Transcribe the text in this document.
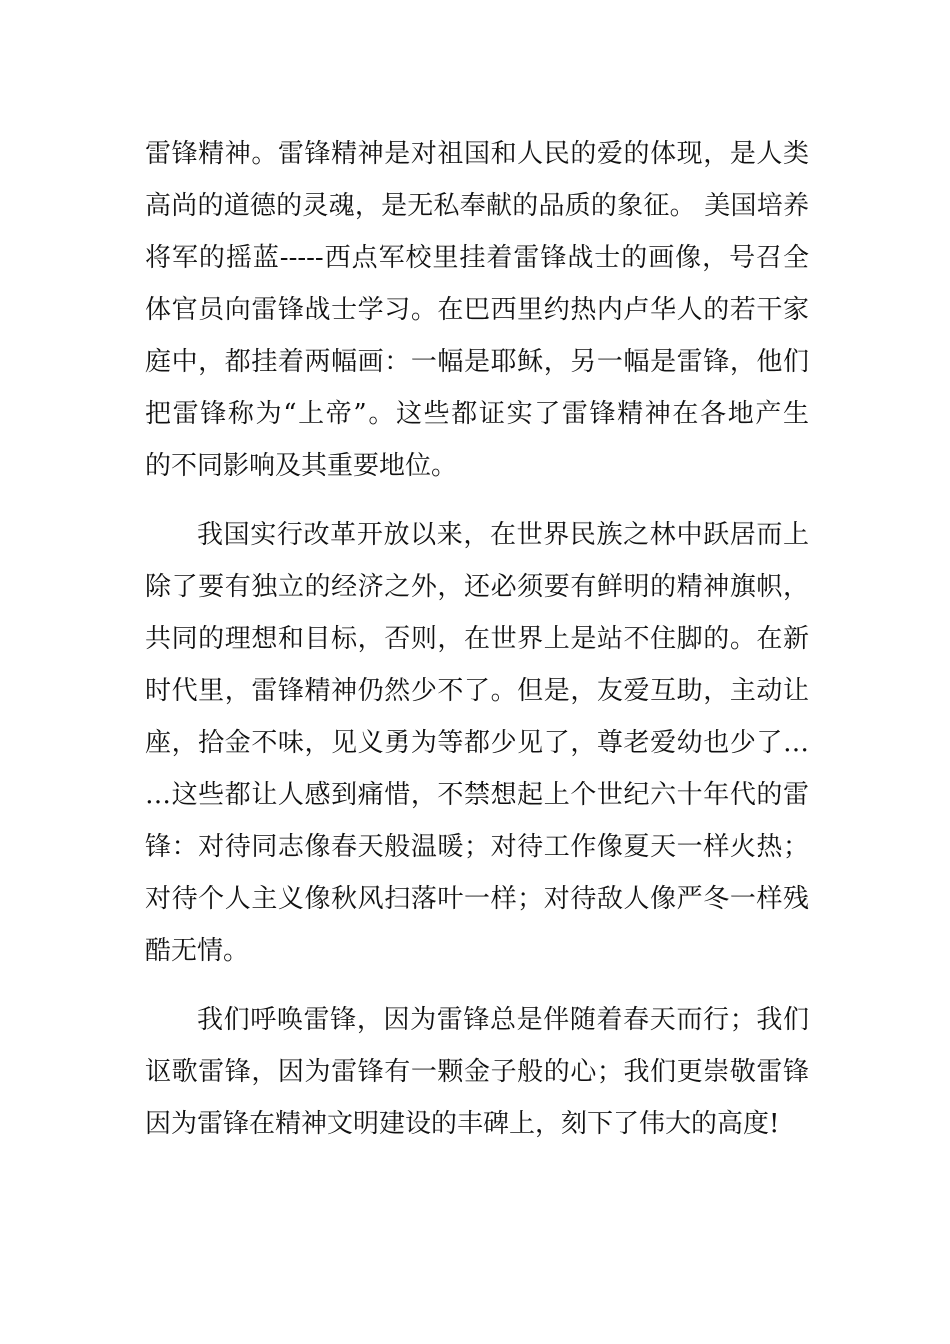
雷锋精神。雷锋精神是对祖国和人民的爱的体现，是人类
高尚的道德的灵魂，是无私奉献的品质的象征。 美国培养
将军的摇蓝-----西点军校里挂着雷锋战士的画像，号召全
体官员向雷锋战士学习。在巴西里约热内卢华人的若干家
庭中，都挂着两幅画：一幅是耶稣，另一幅是雷锋，他们
把雷锋称为“上帝”。这些都证实了雷锋精神在各地产生
的不同影响及其重要地位。
我国实行改革开放以来，在世界民族之林中跃居而上
除了要有独立的经济之外，还必须要有鲜明的精神旗帜，
共同的理想和目标，否则，在世界上是站不住脚的。在新
时代里，雷锋精神仍然少不了。但是，友爱互助，主动让
座，拾金不味，见义勇为等都少见了，尊老爱幼也少了…
…这些都让人感到痛惜，不禁想起上个世纪六十年代的雷
锋：对待同志像春天般温暖；对待工作像夏天一样火热；
对待个人主义像秋风扫落叶一样；对待敌人像严冬一样残
酷无情。
我们呼唤雷锋，因为雷锋总是伴随着春天而行；我们
讴歌雷锋，因为雷锋有一颗金子般的心；我们更崇敬雷锋
因为雷锋在精神文明建设的丰碑上，刻下了伟大的高度!
